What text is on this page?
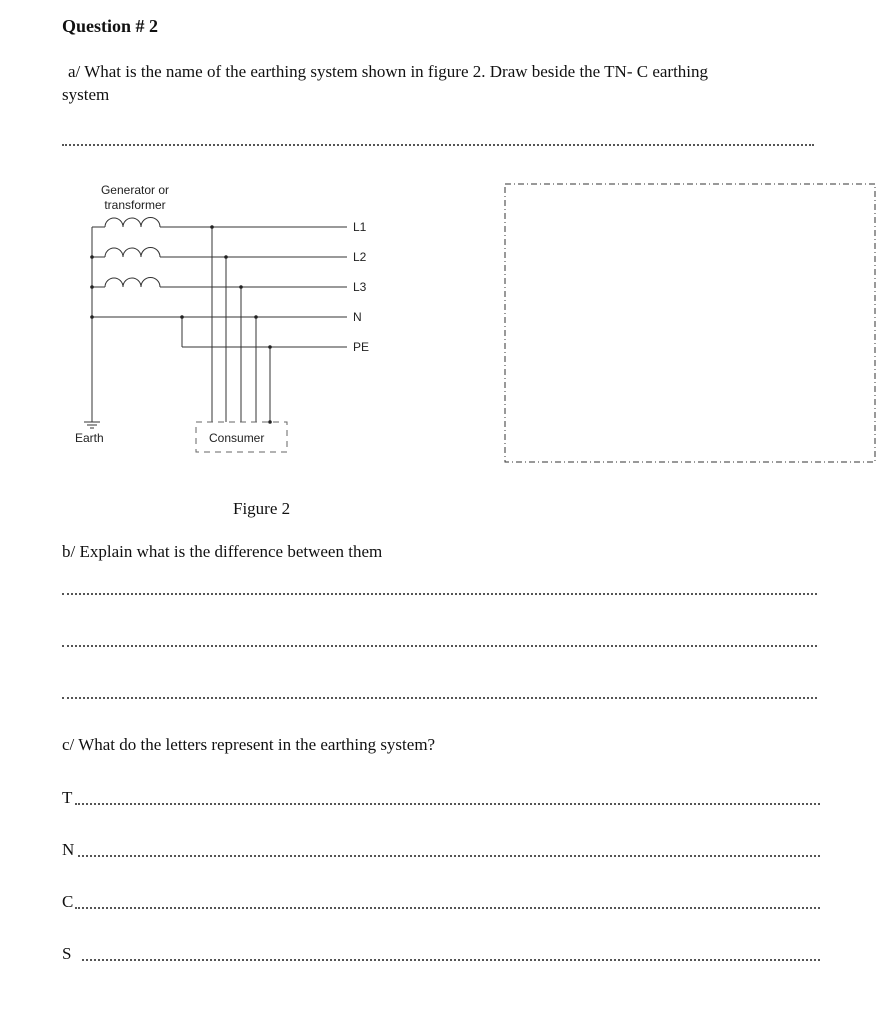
Question # 2
a/ What is the name of the earthing system shown in figure 2. Draw beside the TN- C earthing
system
Generator or
transformer
L1
L2
L3
N
PE
Earth	Consumer
Figure 2
b/ Explain what is the difference between them
c/ What do the letters represent in the earthing system?
T
N
C
S
